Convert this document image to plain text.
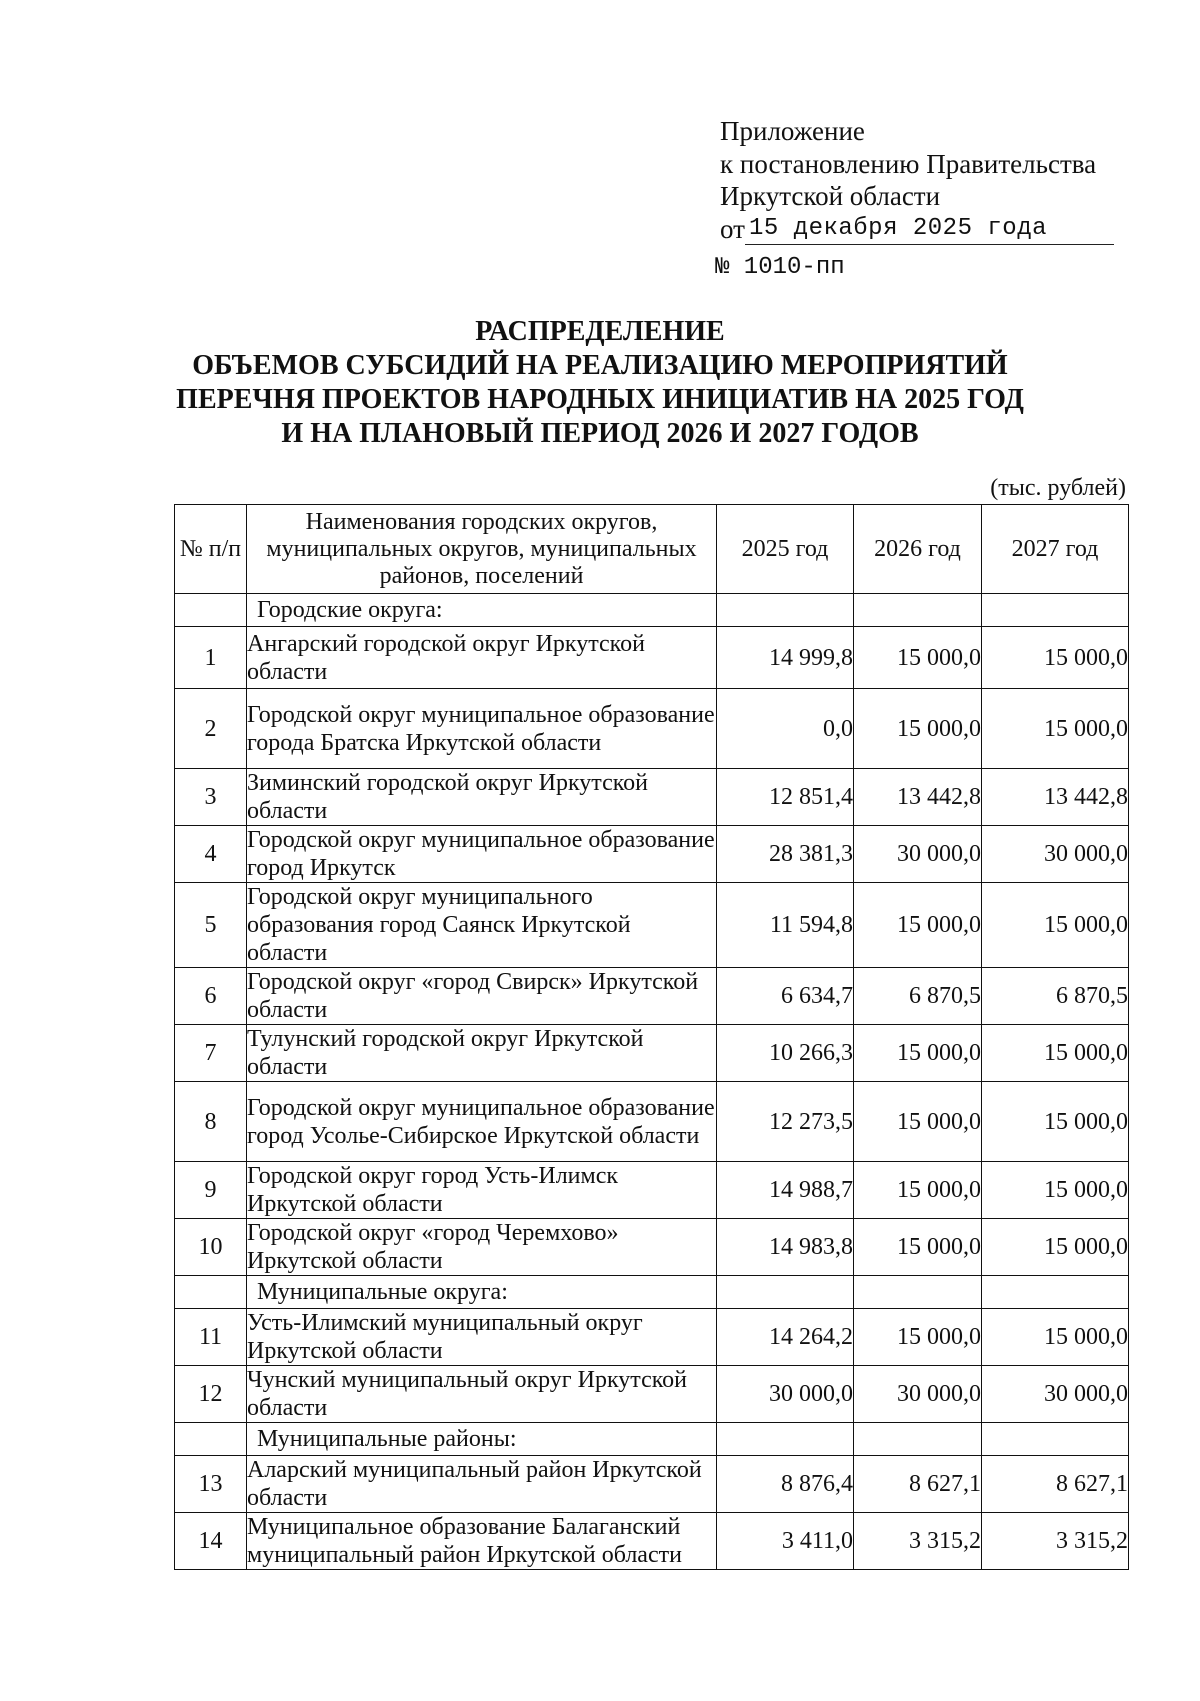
Приложение
к постановлению Правительства
Иркутской области
от 15 декабря 2025 года
№ 1010-пп
РАСПРЕДЕЛЕНИЕ
ОБЪЕМОВ СУБСИДИЙ НА РЕАЛИЗАЦИЮ МЕРОПРИЯТИЙ
ПЕРЕЧНЯ ПРОЕКТОВ НАРОДНЫХ ИНИЦИАТИВ НА 2025 ГОД
И НА ПЛАНОВЫЙ ПЕРИОД 2026 И 2027 ГОДОВ
(тыс. рублей)
№ п/п	Наименования городских округов, муниципальных округов, муниципальных районов, поселений	2025 год	2026 год	2027 год
	Городские округа:			
1	Ангарский городской округ Иркутской области	14 999,8	15 000,0	15 000,0
2	Городской округ муниципальное образование города Братска Иркутской области	0,0	15 000,0	15 000,0
3	Зиминский городской округ Иркутской области	12 851,4	13 442,8	13 442,8
4	Городской округ муниципальное образование город Иркутск	28 381,3	30 000,0	30 000,0
5	Городской округ муниципального образования город Саянск Иркутской области	11 594,8	15 000,0	15 000,0
6	Городской округ «город Свирск» Иркутской области	6 634,7	6 870,5	6 870,5
7	Тулунский городской округ Иркутской области	10 266,3	15 000,0	15 000,0
8	Городской округ муниципальное образование город Усолье-Сибирское Иркутской области	12 273,5	15 000,0	15 000,0
9	Городской округ город Усть-Илимск Иркутской области	14 988,7	15 000,0	15 000,0
10	Городской округ «город Черемхово» Иркутской области	14 983,8	15 000,0	15 000,0
	Муниципальные округа:			
11	Усть-Илимский муниципальный округ Иркутской области	14 264,2	15 000,0	15 000,0
12	Чунский муниципальный округ Иркутской области	30 000,0	30 000,0	30 000,0
	Муниципальные районы:			
13	Аларский муниципальный район Иркутской области	8 876,4	8 627,1	8 627,1
14	Муниципальное образование Балаганский муниципальный район Иркутской области	3 411,0	3 315,2	3 315,2
